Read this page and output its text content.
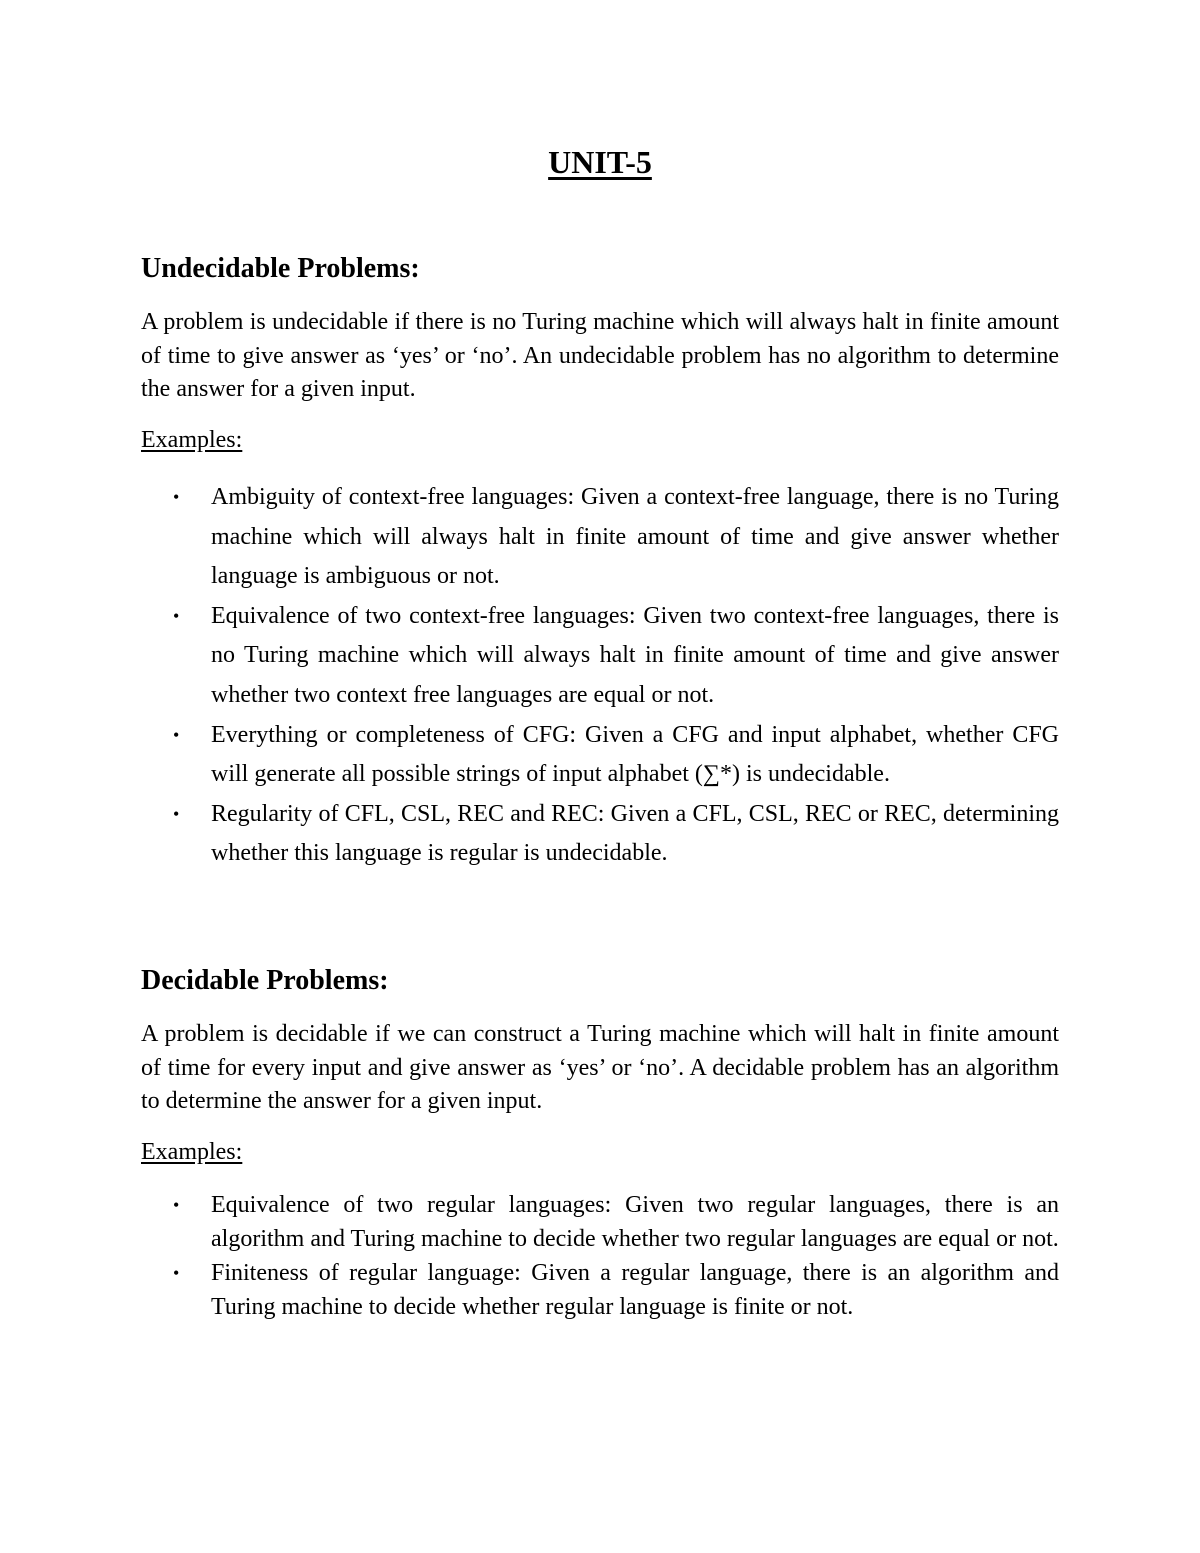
UNIT-5
Undecidable Problems:

A problem is undecidable if there is no Turing machine which will always halt in finite amount of time to give answer as ‘yes’ or ‘no’. An undecidable problem has no algorithm to determine the answer for a given input.

Examples:

• Ambiguity of context-free languages: Given a context-free language, there is no Turing machine which will always halt in finite amount of time and give answer whether language is ambiguous or not.
• Equivalence of two context-free languages: Given two context-free languages, there is no Turing machine which will always halt in finite amount of time and give answer whether two context free languages are equal or not.
• Everything or completeness of CFG: Given a CFG and input alphabet, whether CFG will generate all possible strings of input alphabet (∑*) is undecidable.
• Regularity of CFL, CSL, REC and REC: Given a CFL, CSL, REC or REC, determining whether this language is regular is undecidable.
Decidable Problems:

A problem is decidable if we can construct a Turing machine which will halt in finite amount of time for every input and give answer as ‘yes’ or ‘no’. A decidable problem has an algorithm to determine the answer for a given input.

Examples:

• Equivalence of two regular languages: Given two regular languages, there is an algorithm and Turing machine to decide whether two regular languages are equal or not.
• Finiteness of regular language: Given a regular language, there is an algorithm and Turing machine to decide whether regular language is finite or not.
